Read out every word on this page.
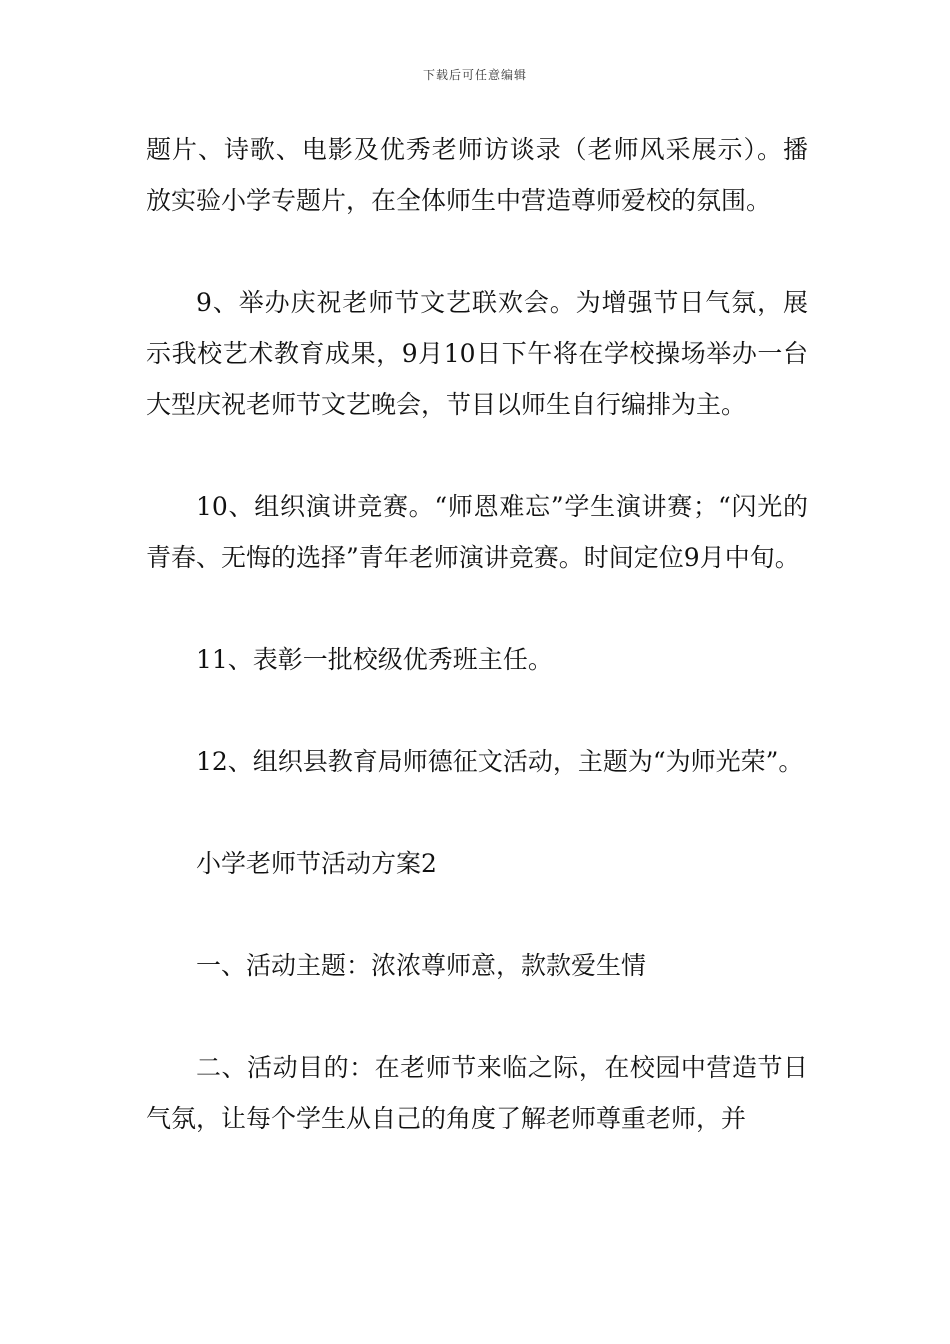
下载后可任意编辑

题片、诗歌、电影及优秀老师访谈录（老师风采展示）。播放实验小学专题片，在全体师生中营造尊师爱校的氛围。

9、举办庆祝老师节文艺联欢会。为增强节日气氛，展示我校艺术教育成果，9月10日下午将在学校操场举办一台大型庆祝老师节文艺晚会，节目以师生自行编排为主。

10、组织演讲竞赛。“师恩难忘”学生演讲赛；“闪光的青春、无悔的选择”青年老师演讲竞赛。时间定位9月中旬。

11、表彰一批校级优秀班主任。

12、组织县教育局师德征文活动，主题为“为师光荣”。

小学老师节活动方案2

一、活动主题：浓浓尊师意，款款爱生情

二、活动目的：在老师节来临之际，在校园中营造节日气氛，让每个学生从自己的角度了解老师尊重老师，并
